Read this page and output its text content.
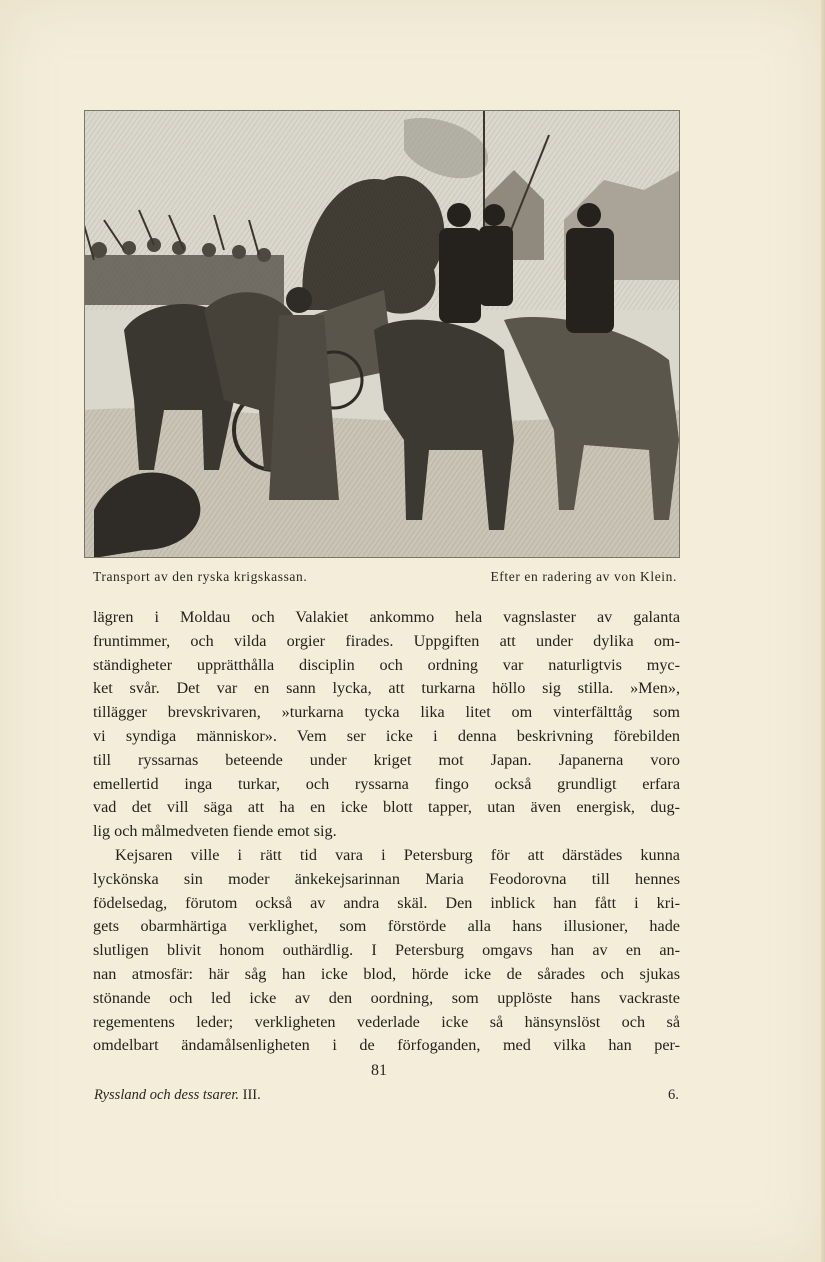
Transport av den ryska krigskassan.	Efter en radering av von Klein.

lägren i Moldau och Valakiet ankommo hela vagnslaster av galanta

fruntimmer, och vilda orgier firades. Uppgiften att under dylika om-

ständigheter upprätthålla disciplin och ordning var naturligtvis myc-

ket svår. Det var en sann lycka, att turkarna höllo sig stilla. »Men»,

tillägger brevskrivaren, »turkarna tycka lika litet om vinterfälttåg som

vi syndiga människor». Vem ser icke i denna beskrivning förebilden

till ryssarnas beteende under kriget mot Japan. Japanerna voro

emellertid inga turkar, och ryssarna fingo också grundligt erfara

vad det vill säga att ha en icke blott tapper, utan även energisk, dug-

lig och målmedveten fiende emot sig.

Kejsaren ville i rätt tid vara i Petersburg för att därstädes kunna

lyckönska sin moder änkekejsarinnan Maria Feodorovna till hennes

födelsedag, förutom också av andra skäl. Den inblick han fått i kri-

gets obarmhärtiga verklighet, som förstörde alla hans illusioner, hade

slutligen blivit honom outhärdlig. I Petersburg omgavs han av en an-

nan atmosfär: här såg han icke blod, hörde icke de sårades och sjukas

stönande och led icke av den oordning, som upplöste hans vackraste

regementens leder; verkligheten vederlade icke så hänsynslöst och så

omdelbart ändamålsenligheten i de förfoganden, med vilka han per-

81
Ryssland och dess tsarer. III.	6.
